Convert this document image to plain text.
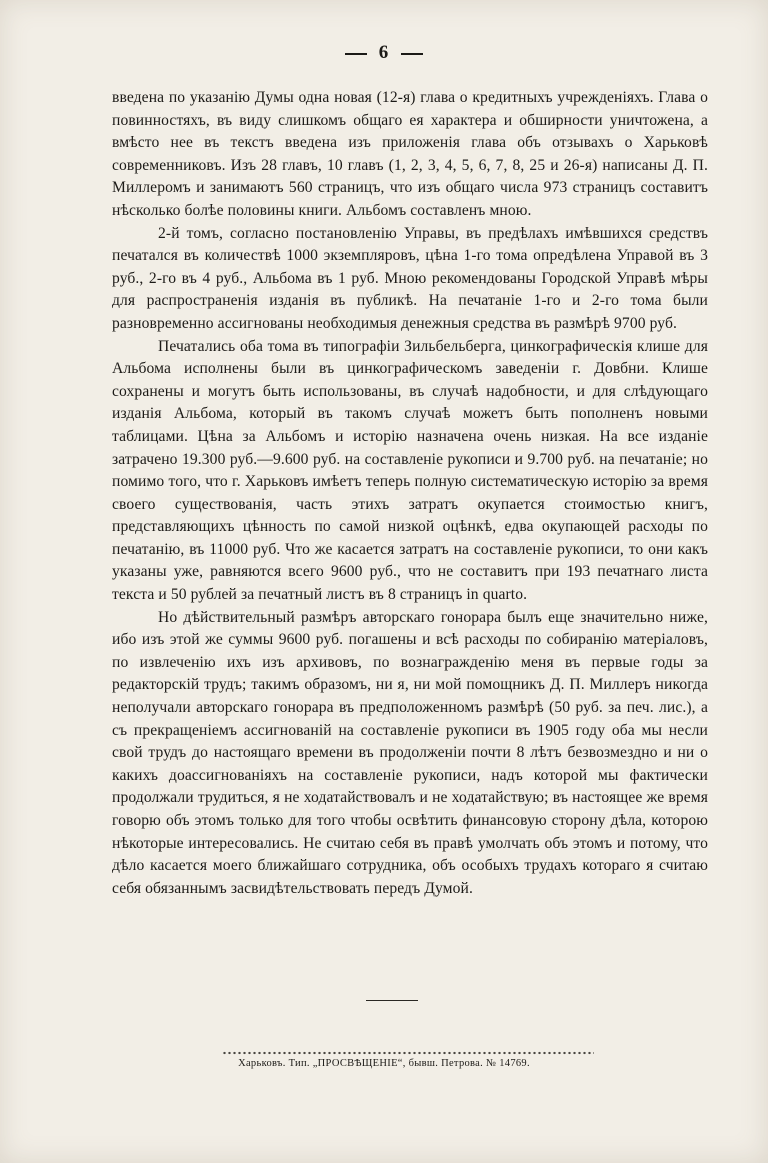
6

введена по указанію Думы одна новая (12-я) глава о кредитныхъ учрежденіяхъ. Глава о повинностяхъ, въ виду слишкомъ общаго ея характера и обширности уничтожена, а вмѣсто нее въ текстъ введена изъ приложенія глава объ отзывахъ о Харьковѣ современниковъ. Изъ 28 главъ, 10 главъ (1, 2, 3, 4, 5, 6, 7, 8, 25 и 26-я) написаны Д. П. Миллеромъ и занимаютъ 560 страницъ, что изъ общаго числа 973 страницъ составитъ нѣсколько болѣе половины книги. Альбомъ составленъ мною.

2-й томъ, согласно постановленію Управы, въ предѣлахъ имѣвшихся средствъ печатался въ количествѣ 1000 экземпляровъ, цѣна 1-го тома опредѣлена Управой въ 3 руб., 2-го въ 4 руб., Альбома въ 1 руб. Мною рекомендованы Городской Управѣ мѣры для распространенія изданія въ публикѣ. На печатаніе 1-го и 2-го тома были разновременно ассигнованы необходимыя денежныя средства въ размѣрѣ 9700 руб.

Печатались оба тома въ типографіи Зильбельберга, цинкографическія клише для Альбома исполнены были въ цинкографическомъ заведеніи г. Довбни. Клише сохранены и могутъ быть использованы, въ случаѣ надобности, и для слѣдующаго изданія Альбома, который въ такомъ случаѣ можетъ быть пополненъ новыми таблицами. Цѣна за Альбомъ и исторію назначена очень низкая. На все изданіе затрачено 19.300 руб.—9.600 руб. на составленіе рукописи и 9.700 руб. на печатаніе; но помимо того, что г. Харьковъ имѣетъ теперь полную систематическую исторію за время своего существованія, часть этихъ затратъ окупается стоимостью книгъ, представляющихъ цѣнность по самой низкой оцѣнкѣ, едва окупающей расходы по печатанію, въ 11000 руб. Что же касается затратъ на составленіе рукописи, то они какъ указаны уже, равняются всего 9600 руб., что не составитъ при 193 печатнаго листа текста и 50 рублей за печатный листъ въ 8 страницъ in quarto.

Но дѣйствительный размѣръ авторскаго гонорара былъ еще значительно ниже, ибо изъ этой же суммы 9600 руб. погашены и всѣ расходы по собиранію матеріаловъ, по извлеченію ихъ изъ архивовъ, по вознагражденію меня въ первые годы за редакторскій трудъ; такимъ образомъ, ни я, ни мой помощникъ Д. П. Миллеръ никогда неполучали авторскаго гонорара въ предположенномъ размѣрѣ (50 руб. за печ. лис.), а съ прекращеніемъ ассигнованій на составленіе рукописи въ 1905 году оба мы несли свой трудъ до настоящаго времени въ продолженіи почти 8 лѣтъ безвозмездно и ни о какихъ доассигнованіяхъ на составленіе рукописи, надъ которой мы фактически продолжали трудиться, я не ходатайствовалъ и не ходатайствую; въ настоящее же время говорю объ этомъ только для того чтобы освѣтить финансовую сторону дѣла, которою нѣкоторые интересовались. Не считаю себя въ правѣ умолчать объ этомъ и потому, что дѣло касается моего ближайшаго сотрудника, объ особыхъ трудахъ котораго я считаю себя обязаннымъ засвидѣтельствовать передъ Думой.

Харьковъ. Тип. „ПРОСВѢЩЕНІЕ“, бывш. Петрова. № 14769.
